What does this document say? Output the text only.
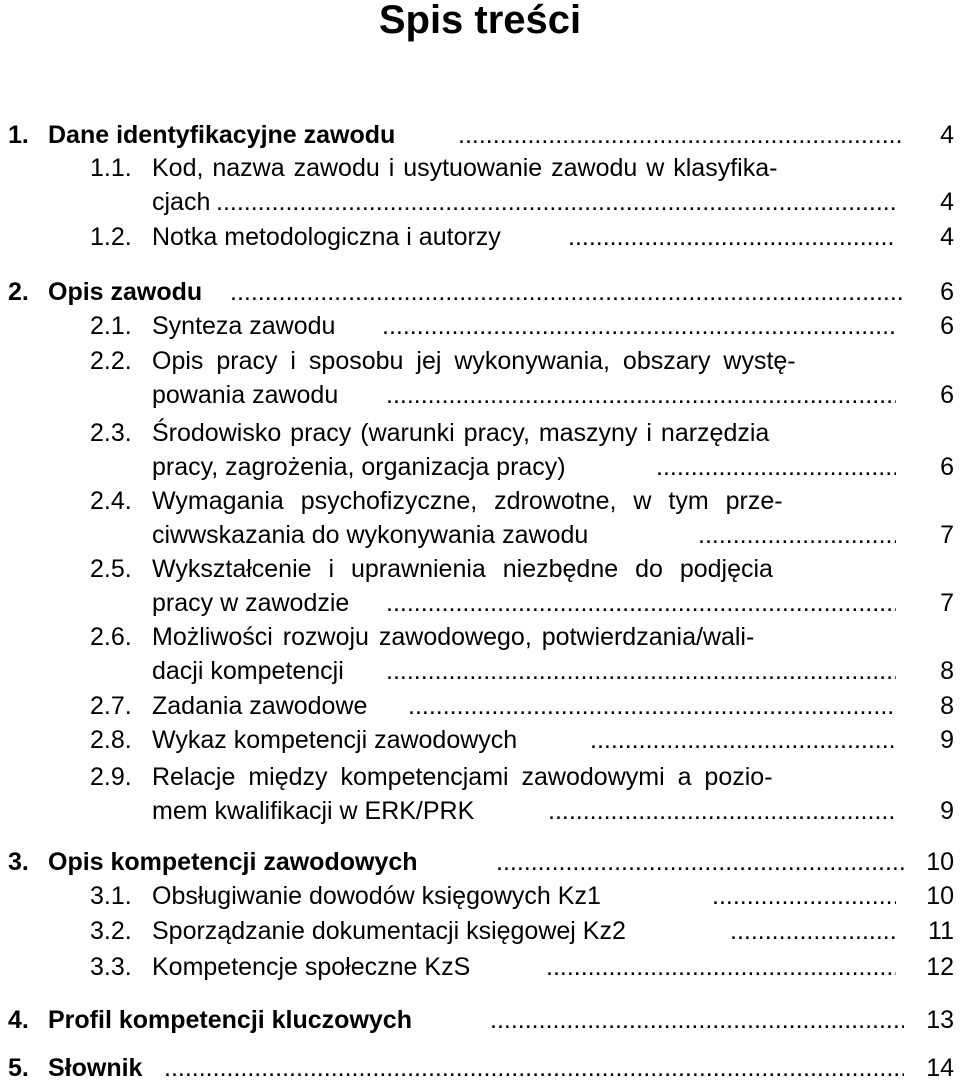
Spis treści
1. Dane identyfikacyjne zawodu .....	4
1.1. Kod, nazwa zawodu i usytuowanie zawodu w klasyfika-
cjach .....	4
1.2. Notka metodologiczna i autorzy .....	4
2. Opis zawodu .....	6
2.1. Synteza zawodu .....	6
2.2. Opis pracy i sposobu jej wykonywania, obszary wystę-
powania zawodu .....	6
2.3. Środowisko pracy (warunki pracy, maszyny i narzędzia
pracy, zagrożenia, organizacja pracy) .....	6
2.4. Wymagania psychofizyczne, zdrowotne, w tym prze-
ciwwskazania do wykonywania zawodu .....	7
2.5. Wykształcenie i uprawnienia niezbędne do podjęcia
pracy w zawodzie .....	7
2.6. Możliwości rozwoju zawodowego, potwierdzania/wali-
dacji kompetencji .....	8
2.7. Zadania zawodowe .....	8
2.8. Wykaz kompetencji zawodowych .....	9
2.9. Relacje między kompetencjami zawodowymi a pozio-
mem kwalifikacji w ERK/PRK .....	9
3. Opis kompetencji zawodowych .....	10
3.1. Obsługiwanie dowodów księgowych Kz1 .....	10
3.2. Sporządzanie dokumentacji księgowej Kz2 .....	11
3.3. Kompetencje społeczne KzS .....	12
4. Profil kompetencji kluczowych .....	13
5. Słownik .....	14
